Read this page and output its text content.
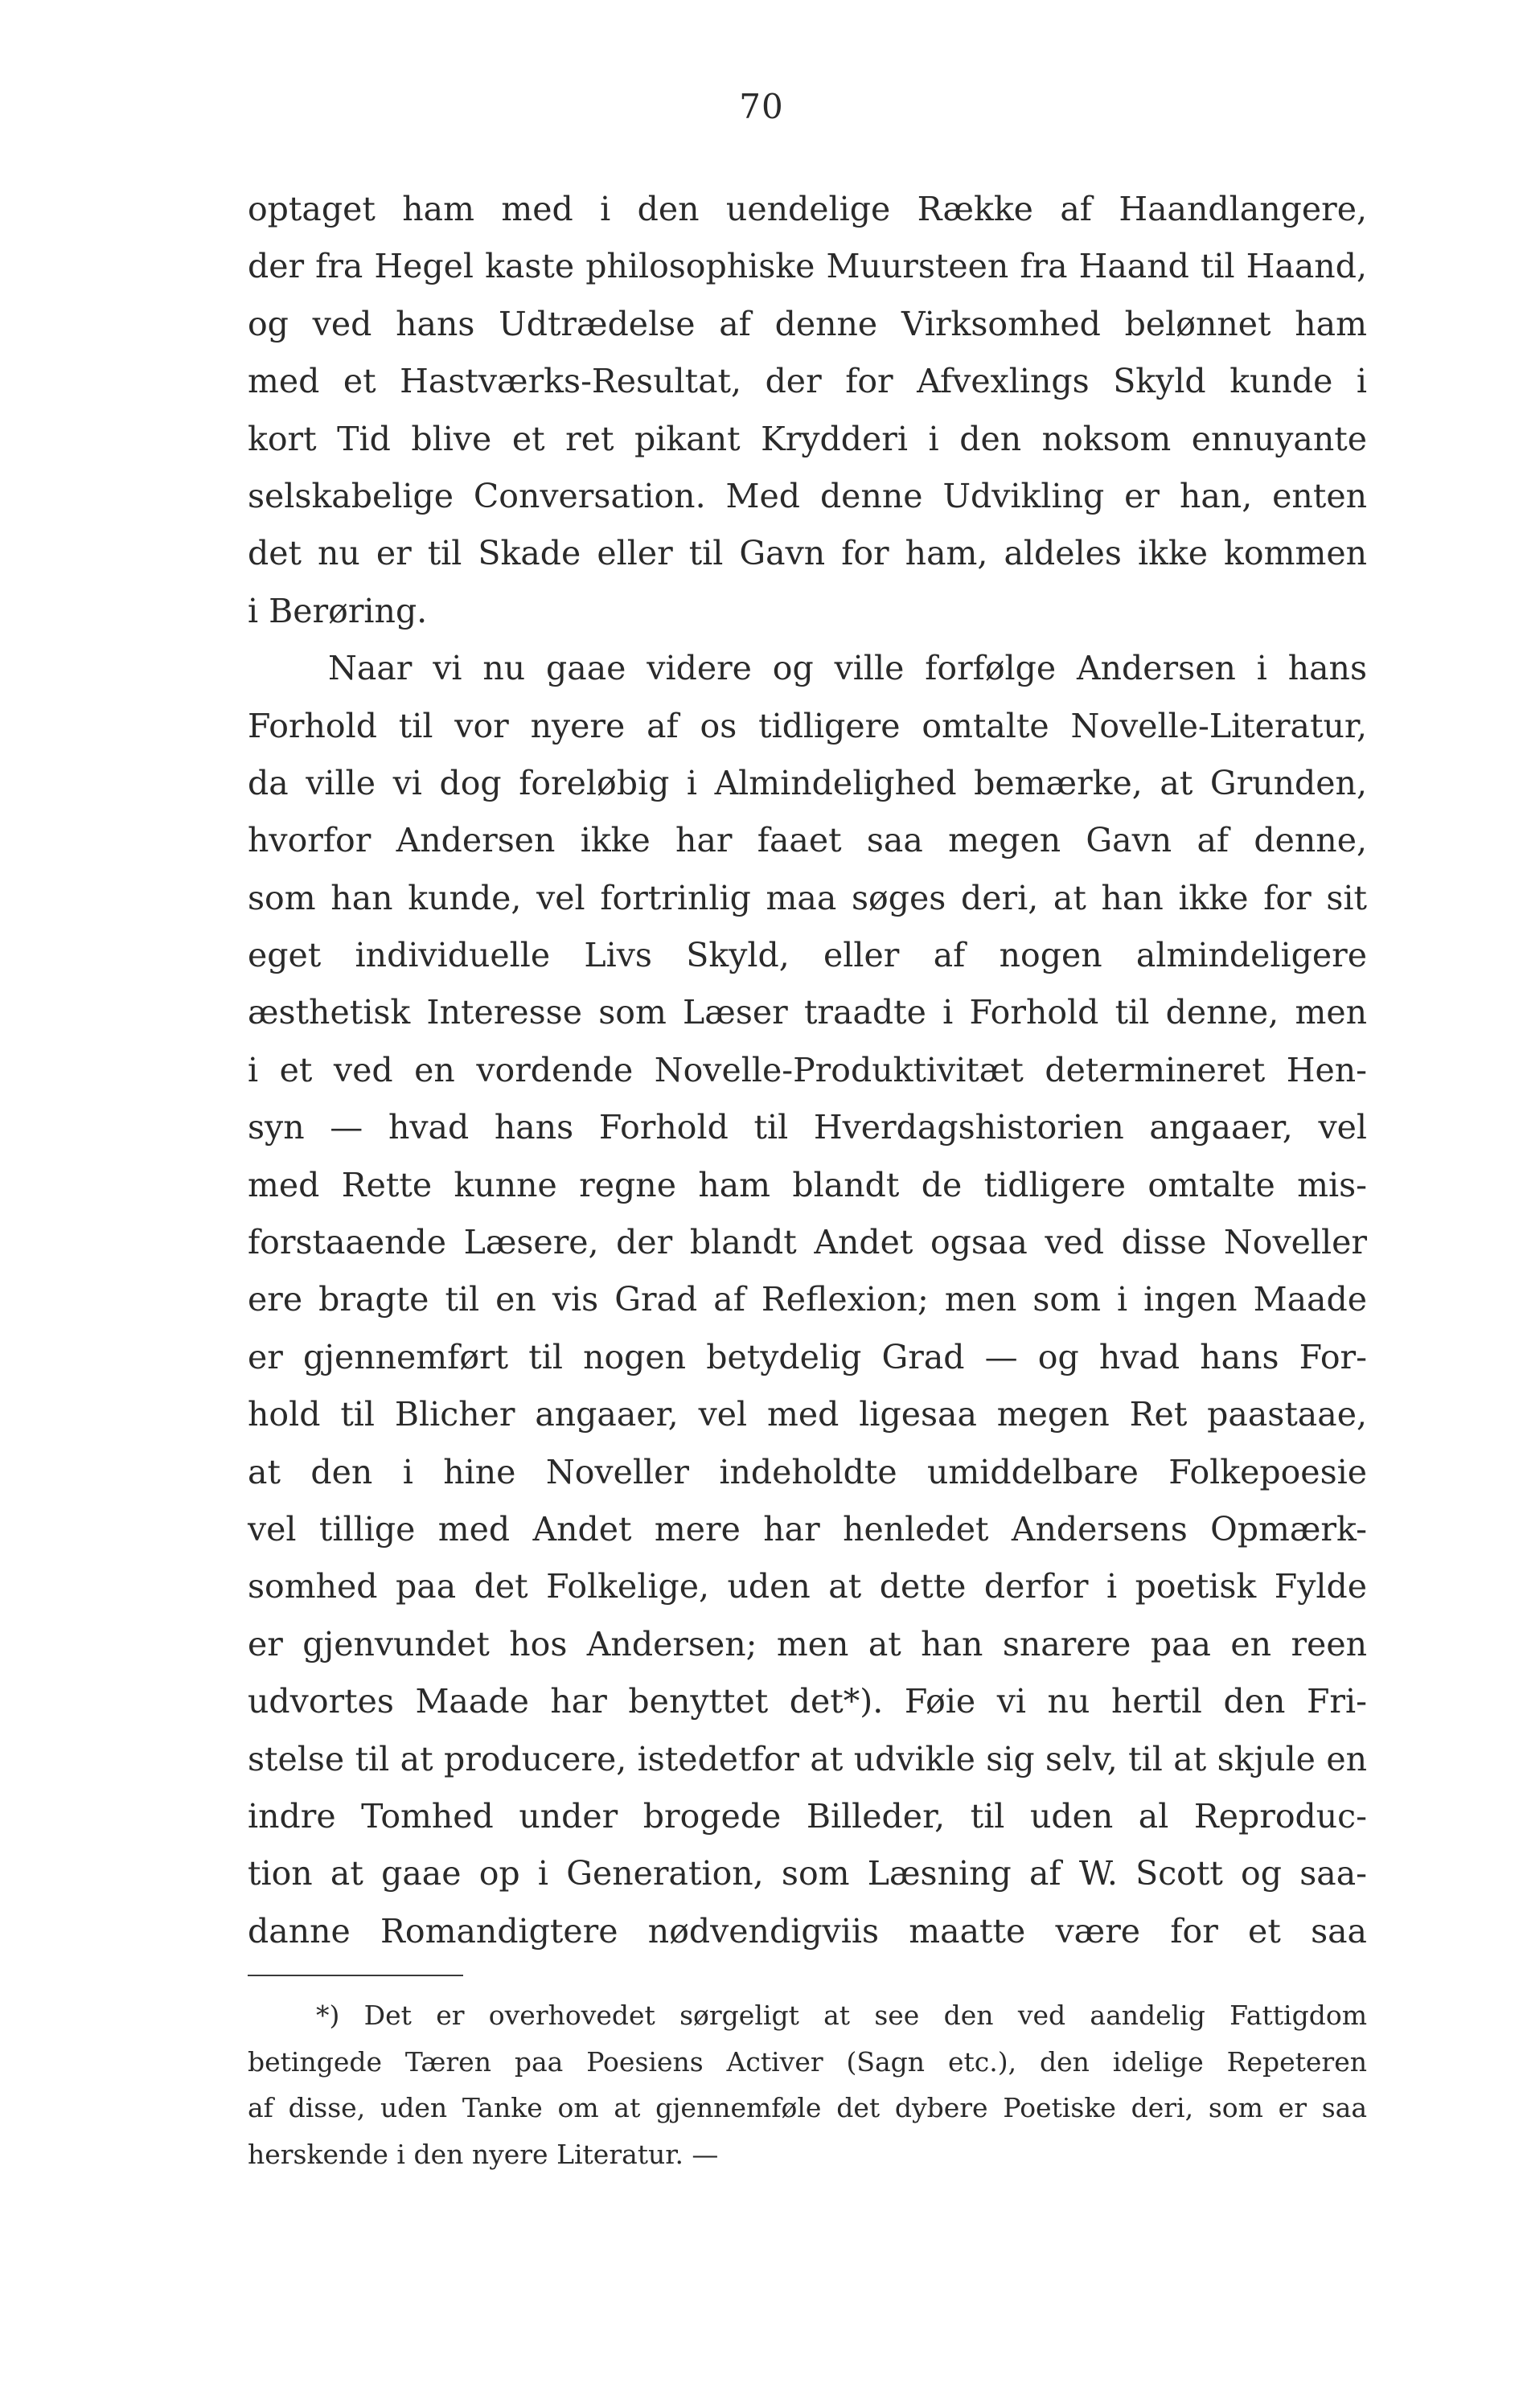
70
optaget ham med i den uendelige Række af Haandlangere,
der fra Hegel kaste philosophiske Muursteen fra Haand til Haand,
og ved hans Udtrædelse af denne Virksomhed belønnet ham
med et Hastværks-Resultat, der for Afvexlings Skyld kunde i
kort Tid blive et ret pikant Krydderi i den noksom ennuyante
selskabelige Conversation. Med denne Udvikling er han, enten
det nu er til Skade eller til Gavn for ham, aldeles ikke kommen
i Berøring.
Naar vi nu gaae videre og ville forfølge Andersen i hans
Forhold til vor nyere af os tidligere omtalte Novelle-Literatur,
da ville vi dog foreløbig i Almindelighed bemærke, at Grunden,
hvorfor Andersen ikke har faaet saa megen Gavn af denne,
som han kunde, vel fortrinlig maa søges deri, at han ikke for sit
eget individuelle Livs Skyld, eller af nogen almindeligere
æsthetisk Interesse som Læser traadte i Forhold til denne, men
i et ved en vordende Novelle-Produktivitæt determineret Hen-
syn — hvad hans Forhold til Hverdagshistorien angaaer, vel
med Rette kunne regne ham blandt de tidligere omtalte mis-
forstaaende Læsere, der blandt Andet ogsaa ved disse Noveller
ere bragte til en vis Grad af Reflexion; men som i ingen Maade
er gjennemført til nogen betydelig Grad — og hvad hans For-
hold til Blicher angaaer, vel med ligesaa megen Ret paastaae,
at den i hine Noveller indeholdte umiddelbare Folkepoesie
vel tillige med Andet mere har henledet Andersens Opmærk-
somhed paa det Folkelige, uden at dette derfor i poetisk Fylde
er gjenvundet hos Andersen; men at han snarere paa en reen
udvortes Maade har benyttet det*). Føie vi nu hertil den Fri-
stelse til at producere, istedetfor at udvikle sig selv, til at skjule en
indre Tomhed under brogede Billeder, til uden al Reproduc-
tion at gaae op i Generation, som Læsning af W. Scott og saa-
danne Romandigtere nødvendigviis maatte være for et saa
*) Det er overhovedet sørgeligt at see den ved aandelig Fattigdom
betingede Tæren paa Poesiens Activer (Sagn etc.), den idelige Repeteren
af disse, uden Tanke om at gjennemføle det dybere Poetiske deri, som er saa
herskende i den nyere Literatur. —
